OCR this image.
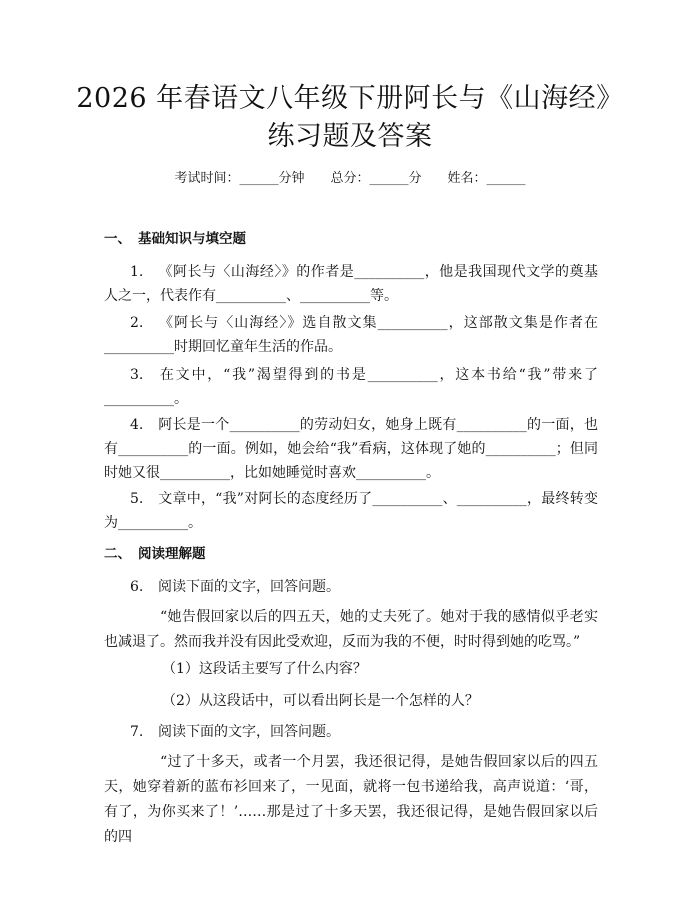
2026 年春语文八年级下册阿长与《山海经》
练习题及答案
考试时间：______分钟 总分：______分 姓名：______
一、 基础知识与填空题
1. 《阿长与〈山海经〉》的作者是__________，他是我国现代文学的奠基人之一，代表作有__________、__________等。
2. 《阿长与〈山海经〉》选自散文集__________，这部散文集是作者在__________时期回忆童年生活的作品。
3. 在文中，“我”渴望得到的书是__________，这本书给“我”带来了__________。
4. 阿长是一个__________的劳动妇女，她身上既有__________的一面，也有__________的一面。例如，她会给“我”看病，这体现了她的__________；但同时她又很__________，比如她睡觉时喜欢__________。
5. 文章中，“我”对阿长的态度经历了__________、__________，最终转变为__________。
二、 阅读理解题
6. 阅读下面的文字，回答问题。
“她告假回家以后的四五天，她的丈夫死了。她对于我的感情似乎老实也减退了。然而我并没有因此受欢迎，反而为我的不便，时时得到她的吃骂。”
（1）这段话主要写了什么内容？
（2）从这段话中，可以看出阿长是一个怎样的人？
7. 阅读下面的文字，回答问题。
“过了十多天，或者一个月罢，我还很记得，是她告假回家以后的四五天，她穿着新的蓝布衫回来了，一见面，就将一包书递给我，高声说道：‘哥，有了，为你买来了！’……那是过了十多天罢，我还很记得，是她告假回家以后的四
